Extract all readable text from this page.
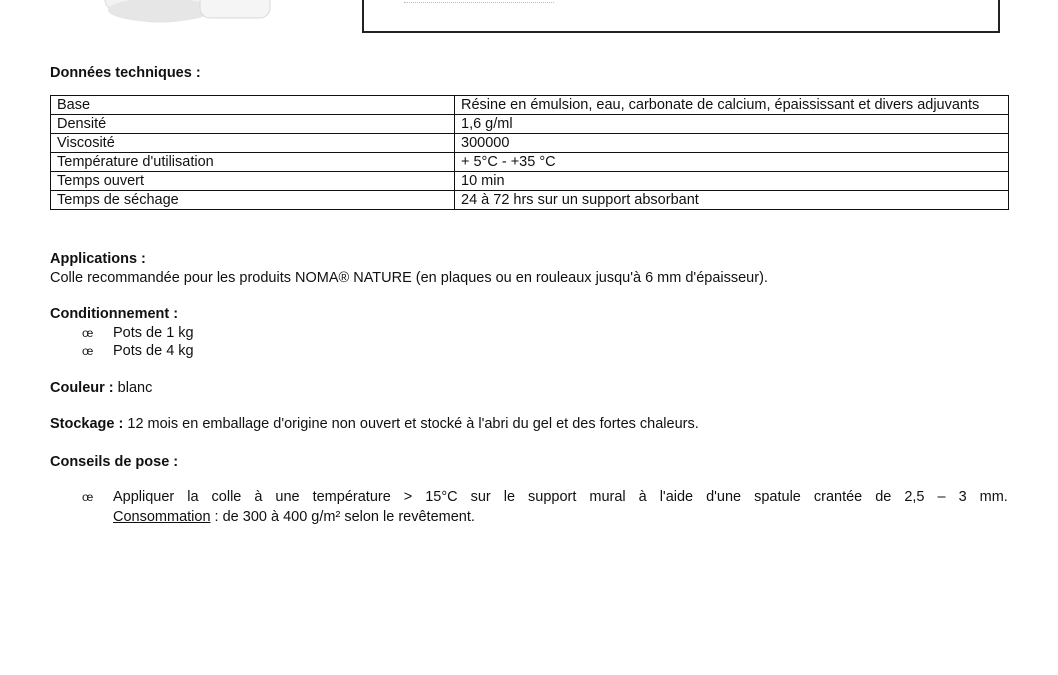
Données techniques :
Base	Résine en émulsion, eau, carbonate de calcium, épaississant et divers adjuvants
Densité	1,6 g/ml
Viscosité	300000
Température d'utilisation	+ 5°C - +35 °C
Temps ouvert	10 min
Temps de séchage	24 à 72 hrs sur un support absorbant
Applications :
Colle recommandée pour les produits NOMA® NATURE (en plaques ou en rouleaux jusqu'à 6 mm d'épaisseur).
Conditionnement :
œ	Pots de 1 kg
œ	Pots de 4 kg
Couleur : blanc
Stockage : 12 mois en emballage d'origine non ouvert et stocké à l'abri du gel et des fortes chaleurs.
Conseils de pose :
œ	Appliquer la colle à une température > 15°C sur le support mural à l'aide d'une spatule crantée de 2,5 – 3 mm.
Consommation : de 300 à 400 g/m² selon le revêtement.
